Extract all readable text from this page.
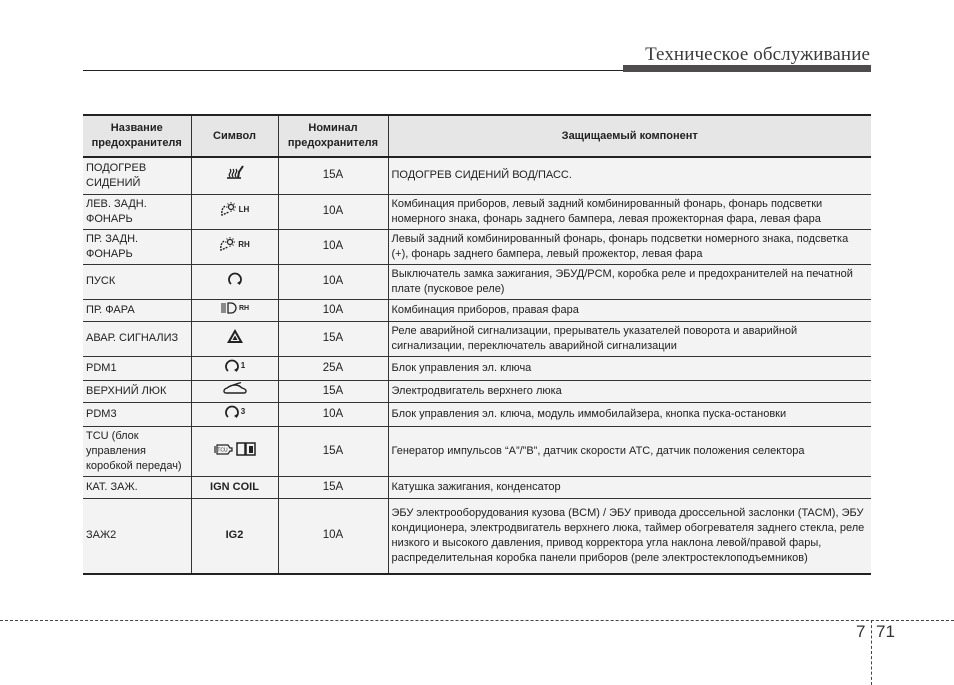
Техническое обслуживание
Название предохранителя	Символ	Номинал предохранителя	Защищаемый компонент
ПОДОГРЕВ СИДЕНИЙ		15A	ПОДОГРЕВ СИДЕНИЙ ВОД/ПАСС.
ЛЕВ. ЗАДН. ФОНАРЬ	LH	10A	Комбинация приборов, левый задний комбинированный фонарь, фонарь подсветки номерного знака, фонарь заднего бампера, левая прожекторная фара, левая фара
ПР. ЗАДН. ФОНАРЬ	RH	10A	Левый задний комбинированный фонарь, фонарь подсветки номерного знака, подсветка (+), фонарь заднего бампера, левый прожектор, левая фара
ПУСК		10A	Выключатель замка зажигания, ЭБУД/PCM, коробка реле и предохранителей на печатной плате (пусковое реле)
ПР. ФАРА	RH	10A	Комбинация приборов, правая фара
АВАР. СИГНАЛИЗ		15A	Реле аварийной сигнализации, прерыватель указателей поворота и аварийной сигнализации, переключатель аварийной сигнализации
PDM1	1	25A	Блок управления эл. ключа
ВЕРХНИЙ ЛЮК		15A	Электродвигатель верхнего люка
PDM3	3	10A	Блок управления эл. ключа, модуль иммобилайзера, кнопка пуска-остановки
TCU (блок управления коробкой передач)	TCU	15A	Генератор импульсов “A”/”B”, датчик скорости ATC, датчик положения селектора
КАТ. ЗАЖ.	IGN COIL	15A	Катушка зажигания, конденсатор
ЗАЖ2	IG2	10A	ЭБУ электрооборудования кузова (BCM) / ЭБУ привода дроссельной заслонки (TACM), ЭБУ кондиционера, электродвигатель верхнего люка, таймер обогревателя заднего стекла, реле низкого и высокого давления, привод корректора угла наклона левой/правой фары, распределительная коробка панели приборов (реле электростеклоподъемников)
7 71
